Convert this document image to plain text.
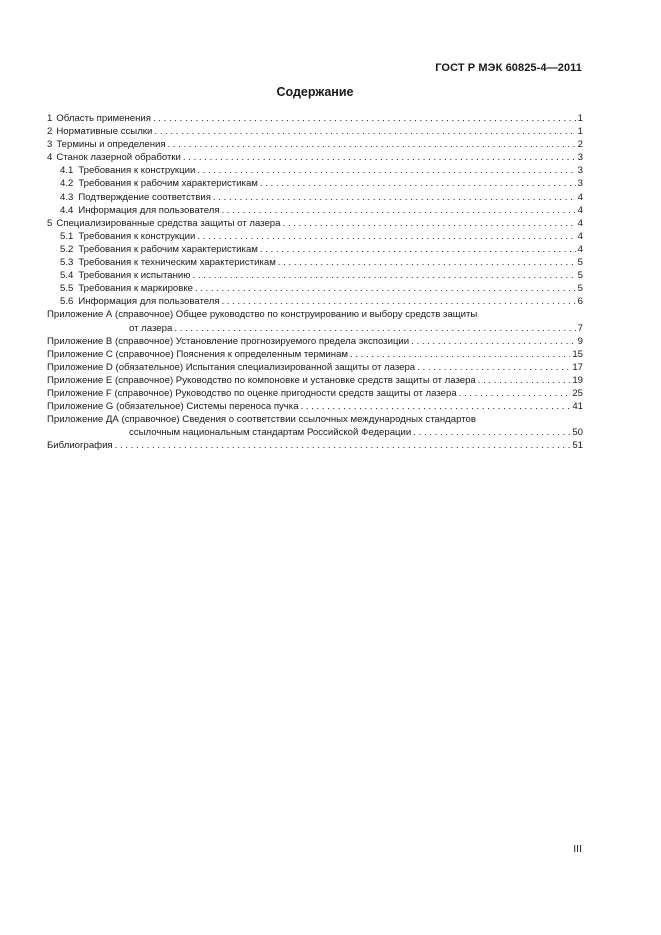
ГОСТ Р МЭК 60825-4—2011
Содержание
1 Область применения . . .	1
2 Нормативные ссылки . . .	1
3 Термины и определения . . .	2
4 Станок лазерной обработки . . .	3
4.1 Требования к конструкции . . .	3
4.2 Требования к рабочим характеристикам . . .	3
4.3 Подтверждение соответствия . . .	4
4.4 Информация для пользователя . . .	4
5 Специализированные средства защиты от лазера . . .	4
5.1 Требования к конструкции . . .	4
5.2 Требования к рабочим характеристикам . . .	4
5.3 Требования к техническим характеристикам . . .	5
5.4 Требования к испытанию . . .	5
5.5 Требования к маркировке . . .	5
5.6 Информация для пользователя . . .	6
Приложение А (справочное) Общее руководство по конструированию и выбору средств защиты
от лазера . . .	7
Приложение В (справочное) Установление прогнозируемого предела экспозиции . . .	9
Приложение С (справочное) Пояснения к определенным терминам . . .	15
Приложение D (обязательное) Испытания специализированной защиты от лазера . . .	17
Приложение Е (справочное) Руководство по компоновке и установке средств защиты от лазера . . .	19
Приложение F (справочное) Руководство по оценке пригодности средств защиты от лазера . . .	25
Приложение G (обязательное) Системы переноса пучка . . .	41
Приложение ДА (справочное) Сведения о соответствии ссылочных международных стандартов
ссылочным национальным стандартам Российской Федерации . . .	50
Библиография . . .	51
III
